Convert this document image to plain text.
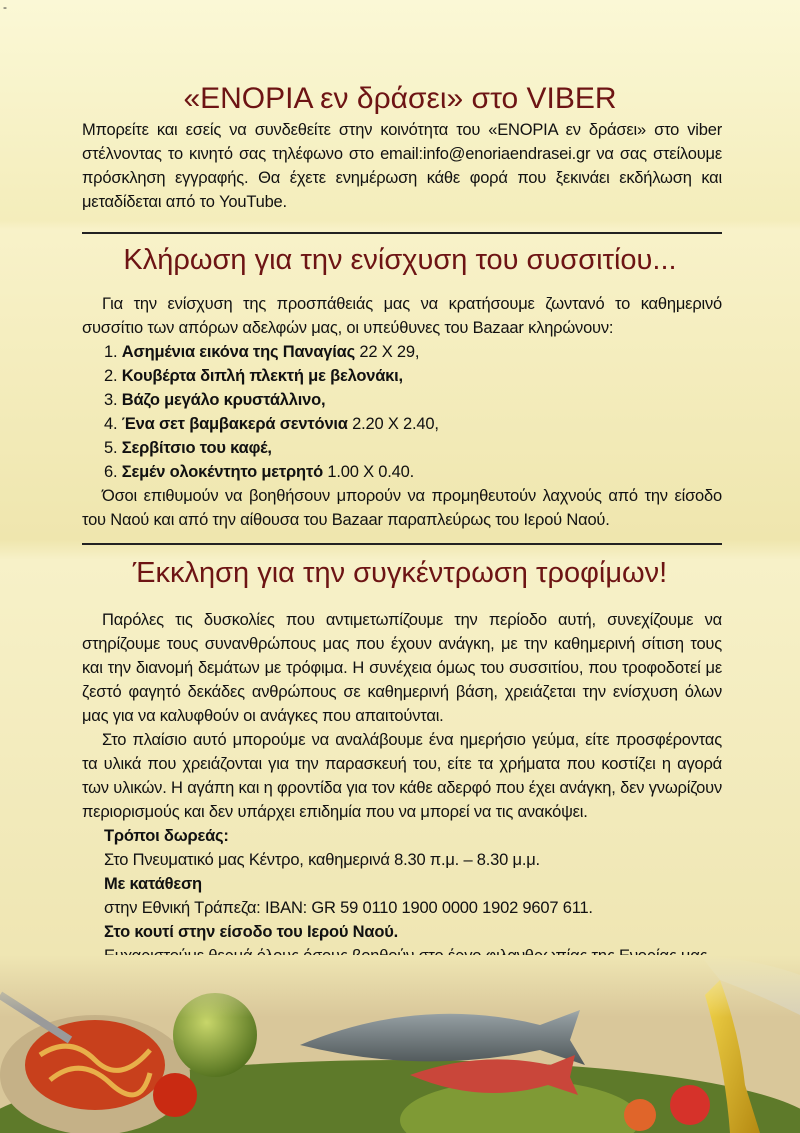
-
«ΕΝΟΡΙΑ εν δράσει» στο VIBER
Μπορείτε και εσείς να συνδεθείτε στην κοινότητα του «ΕΝΟΡΙΑ εν δράσει» στο viber στέλνοντας το κινητό σας τηλέφωνο στο email:info@enoriaendrasei.gr να σας στείλουμε πρόσκληση εγγραφής. Θα έχετε ενημέρωση κάθε φορά που ξεκινάει εκδήλωση και μεταδίδεται από το YouTube.
Κλήρωση για την ενίσχυση του συσσιτίου...

Για την ενίσχυση της προσπάθειάς μας να κρατήσουμε ζωντανό το καθημερινό συσσίτιο των απόρων αδελφών μας, οι υπεύθυνες του Bazaar κληρώνουν:

1. Ασημένια εικόνα της Παναγίας 22 Χ 29,
2. Κουβέρτα διπλή πλεκτή με βελονάκι,
3. Βάζο μεγάλο κρυστάλλινο,
4. Ένα σετ βαμβακερά σεντόνια 2.20 Χ 2.40,
5. Σερβίτσιο του καφέ,
6. Σεμέν ολοκέντητο μετρητό 1.00 Χ 0.40.

Όσοι επιθυμούν να βοηθήσουν μπορούν να προμηθευτούν λαχνούς από την είσοδο του Ναού και από την αίθουσα του Bazaar παραπλεύρως του Ιερού Ναού.

Έκκληση για την συγκέντρωση τροφίμων!

Παρόλες τις δυσκολίες που αντιμετωπίζουμε την περίοδο αυτή, συνεχίζουμε να στηρίζουμε τους συνανθρώπους μας που έχουν ανάγκη, με την καθημερινή σίτιση τους και την διανομή δεμάτων με τρόφιμα. Η συνέχεια όμως του συσσιτίου, που τροφοδοτεί με ζεστό φαγητό δεκάδες ανθρώπους σε καθημερινή βάση, χρειάζεται την ενίσχυση όλων μας για να καλυφθούν οι ανάγκες που απαιτούνται.

Στο πλαίσιο αυτό μπορούμε να αναλάβουμε ένα ημερήσιο γεύμα, είτε προσφέροντας τα υλικά που χρειάζονται για την παρασκευή του, είτε τα χρήματα που κοστίζει η αγορά των υλικών. Η αγάπη και η φροντίδα για τον κάθε αδερφό που έχει ανάγκη, δεν γνωρίζουν περιορισμούς και δεν υπάρχει επιδημία που να μπορεί να τις ανακόψει.

Τρόποι δωρεάς:
Στο Πνευματικό μας Κέντρο, καθημερινά 8.30 π.μ. – 8.30 μ.μ.
Με κατάθεση
στην Εθνική Τράπεζα: IBAN: GR 59 0110 1900 0000 1902 9607 611.
Στο κουτί στην είσοδο του Ιερού Ναού.
